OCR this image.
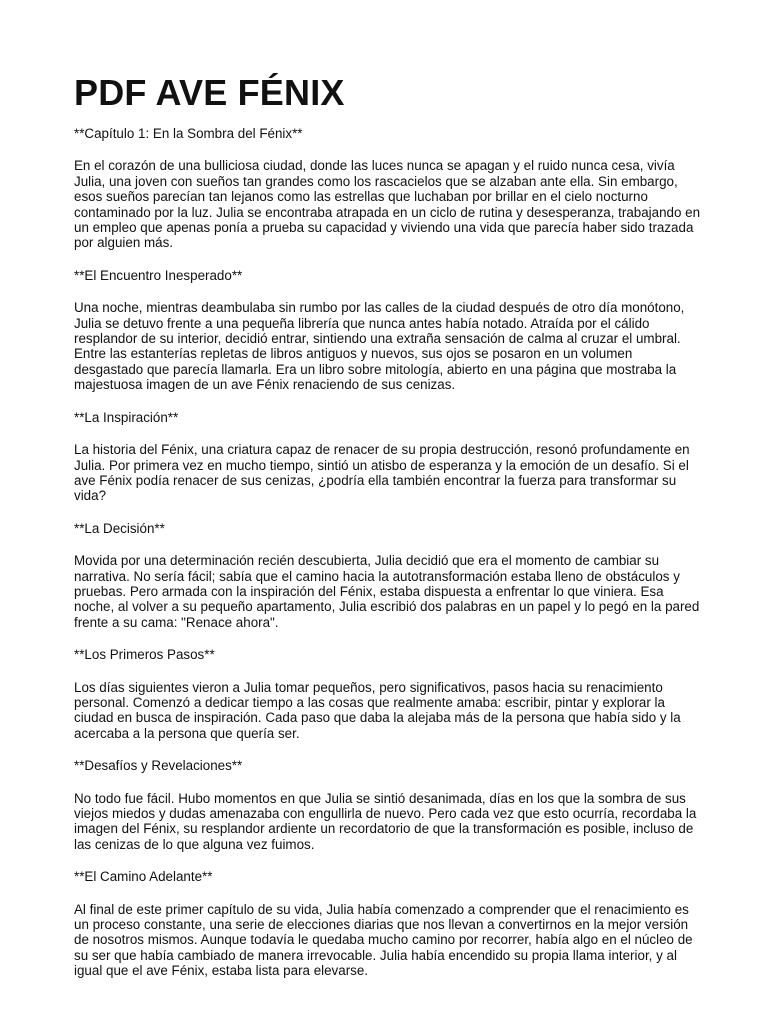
PDF AVE FÉNIX
**Capítulo 1: En la Sombra del Fénix**
En el corazón de una bulliciosa ciudad, donde las luces nunca se apagan y el ruido nunca cesa, vivía Julia, una joven con sueños tan grandes como los rascacielos que se alzaban ante ella. Sin embargo, esos sueños parecían tan lejanos como las estrellas que luchaban por brillar en el cielo nocturno contaminado por la luz. Julia se encontraba atrapada en un ciclo de rutina y desesperanza, trabajando en un empleo que apenas ponía a prueba su capacidad y viviendo una vida que parecía haber sido trazada por alguien más.
**El Encuentro Inesperado**
Una noche, mientras deambulaba sin rumbo por las calles de la ciudad después de otro día monótono, Julia se detuvo frente a una pequeña librería que nunca antes había notado. Atraída por el cálido resplandor de su interior, decidió entrar, sintiendo una extraña sensación de calma al cruzar el umbral. Entre las estanterías repletas de libros antiguos y nuevos, sus ojos se posaron en un volumen desgastado que parecía llamarla. Era un libro sobre mitología, abierto en una página que mostraba la majestuosa imagen de un ave Fénix renaciendo de sus cenizas.
**La Inspiración**
La historia del Fénix, una criatura capaz de renacer de su propia destrucción, resonó profundamente en Julia. Por primera vez en mucho tiempo, sintió un atisbo de esperanza y la emoción de un desafío. Si el ave Fénix podía renacer de sus cenizas, ¿podría ella también encontrar la fuerza para transformar su vida?
**La Decisión**
Movida por una determinación recién descubierta, Julia decidió que era el momento de cambiar su narrativa. No sería fácil; sabía que el camino hacia la autotransformación estaba lleno de obstáculos y pruebas. Pero armada con la inspiración del Fénix, estaba dispuesta a enfrentar lo que viniera. Esa noche, al volver a su pequeño apartamento, Julia escribió dos palabras en un papel y lo pegó en la pared frente a su cama: "Renace ahora".
**Los Primeros Pasos**
Los días siguientes vieron a Julia tomar pequeños, pero significativos, pasos hacia su renacimiento personal. Comenzó a dedicar tiempo a las cosas que realmente amaba: escribir, pintar y explorar la ciudad en busca de inspiración. Cada paso que daba la alejaba más de la persona que había sido y la acercaba a la persona que quería ser.
**Desafíos y Revelaciones**
No todo fue fácil. Hubo momentos en que Julia se sintió desanimada, días en los que la sombra de sus viejos miedos y dudas amenazaba con engullirla de nuevo. Pero cada vez que esto ocurría, recordaba la imagen del Fénix, su resplandor ardiente un recordatorio de que la transformación es posible, incluso de las cenizas de lo que alguna vez fuimos.
**El Camino Adelante**
Al final de este primer capítulo de su vida, Julia había comenzado a comprender que el renacimiento es un proceso constante, una serie de elecciones diarias que nos llevan a convertirnos en la mejor versión de nosotros mismos. Aunque todavía le quedaba mucho camino por recorrer, había algo en el núcleo de su ser que había cambiado de manera irrevocable. Julia había encendido su propia llama interior, y al igual que el ave Fénix, estaba lista para elevarse.
